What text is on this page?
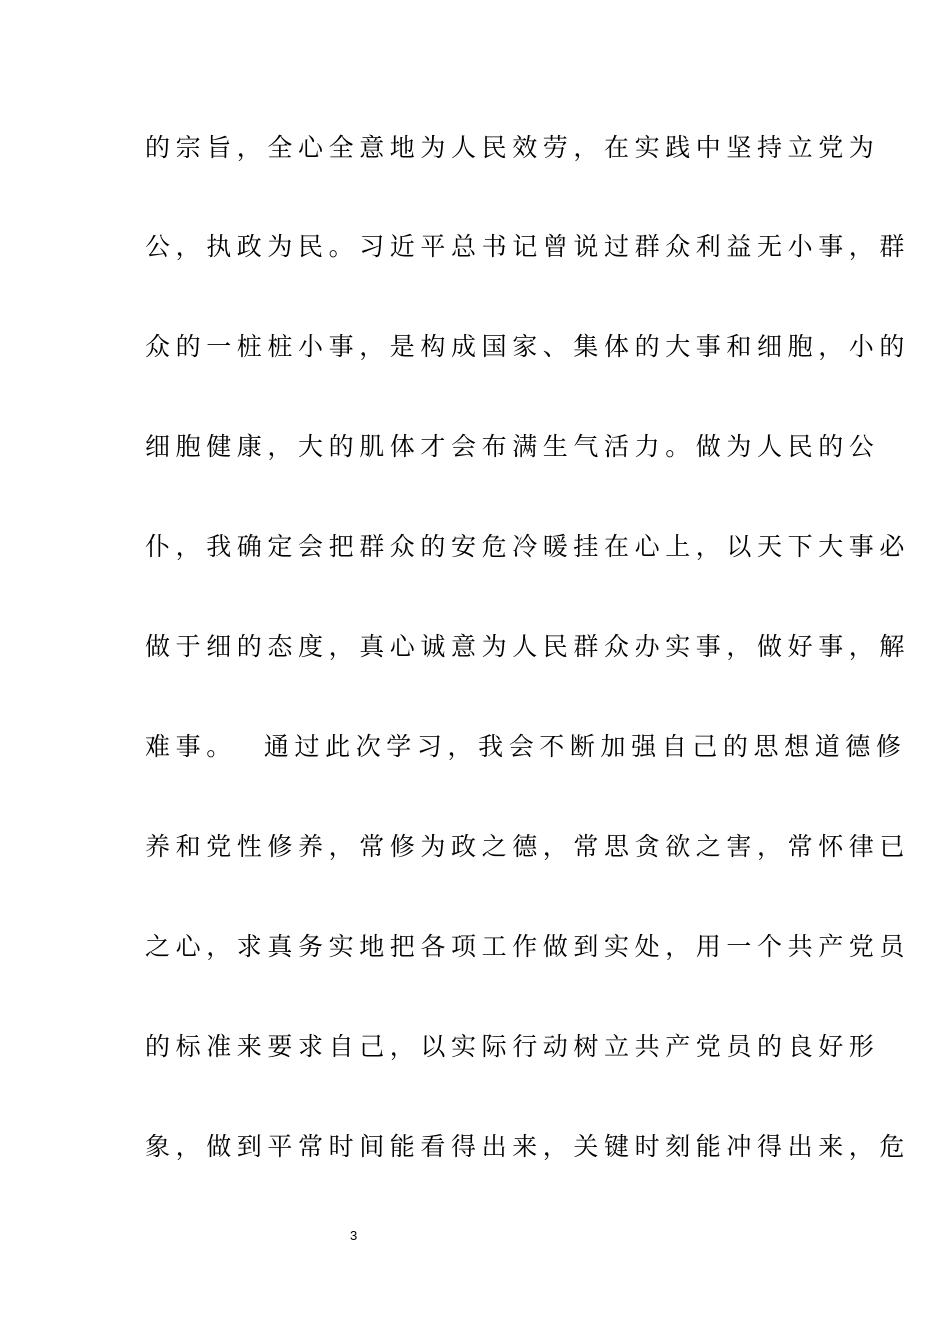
的宗旨，全心全意地为人民效劳，在实践中坚持立党为
公，执政为民。习近平总书记曾说过群众利益无小事，群
众的一桩桩小事，是构成国家、集体的大事和细胞，小的
细胞健康，大的肌体才会布满生气活力。做为人民的公
仆，我确定会把群众的安危冷暖挂在心上，以天下大事必
做于细的态度，真心诚意为人民群众办实事，做好事，解
难事。  通过此次学习，我会不断加强自己的思想道德修
养和党性修养，常修为政之德，常思贪欲之害，常怀律已
之心，求真务实地把各项工作做到实处，用一个共产党员
的标准来要求自己，以实际行动树立共产党员的良好形
象，做到平常时间能看得出来，关键时刻能冲得出来，危
3
